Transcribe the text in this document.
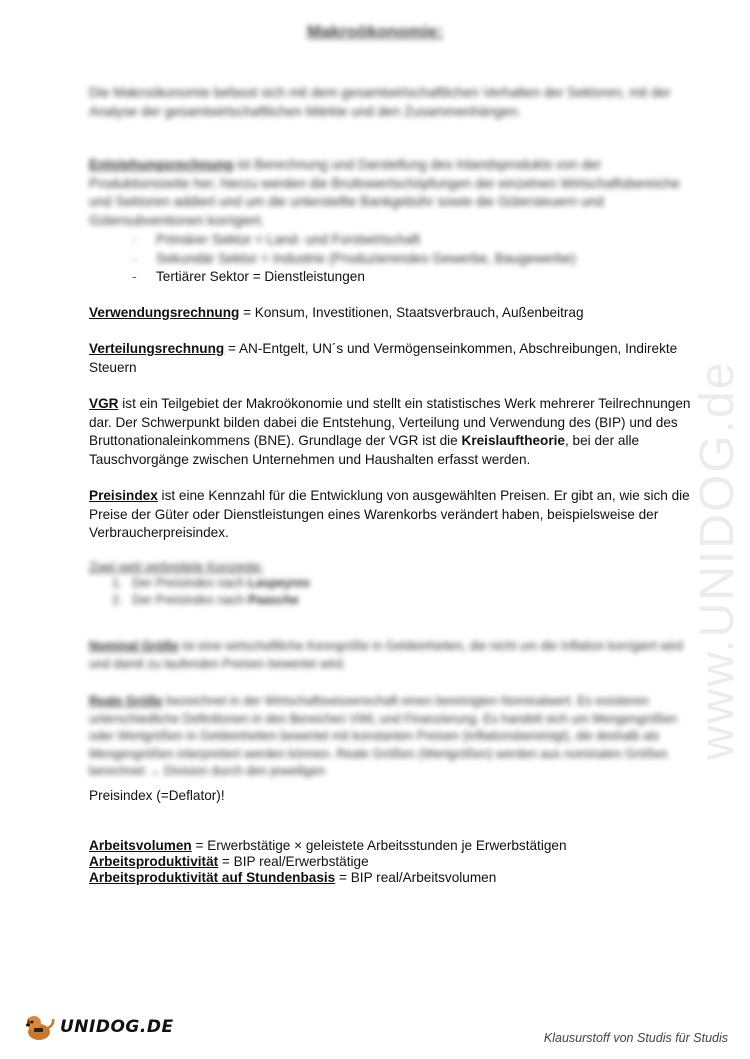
www.UNIDOG.de
Makroökonomie:
Die Makroökonomie befasst sich mit dem gesamtwirtschaftlichen Verhalten der Sektoren, mit der Analyse der gesamtwirtschaftlichen Märkte und den Zusammenhängen.

Entstehungsrechnung ist Berechnung und Darstellung des Inlandsprodukts von der Produktionsseite her; hierzu werden die Bruttowertschöpfungen der einzelnen Wirtschaftsbereiche und Sektoren addiert und um die unterstellte Bankgebühr sowie die Gütersteuern und Gütersubventionen korrigiert.

-	Primärer Sektor = Land- und Forstwirtschaft
-	Sekundär Sektor = Industrie (Produzierendes Gewerbe, Baugewerbe)
-	Tertiärer Sektor = Dienstleistungen

Verwendungsrechnung = Konsum, Investitionen, Staatsverbrauch, Außenbeitrag

Verteilungsrechnung = AN-Entgelt, UN´s und Vermögenseinkommen, Abschreibungen, Indirekte Steuern

VGR ist ein Teilgebiet der Makroökonomie und stellt ein statistisches Werk mehrerer Teilrechnungen dar. Der Schwerpunkt bilden dabei die Entstehung, Verteilung und Verwendung des (BIP) und des Bruttonationaleinkommens (BNE). Grundlage der VGR ist die Kreislauftheorie, bei der alle Tauschvorgänge zwischen Unternehmen und Haushalten erfasst werden.

Preisindex ist eine Kennzahl für die Entwicklung von ausgewählten Preisen. Er gibt an, wie sich die Preise der Güter oder Dienstleistungen eines Warenkorbs verändert haben, beispielsweise der Verbraucherpreisindex.

Zwei weit verbreitete Konzepte:
1. Der Preisindex nach Laspeyres
2. Der Preisindex nach Paasche

Nominal Größe ist eine wirtschaftliche Kenngröße in Geldeinheiten, die nicht um die Inflation korrigiert wird und damit zu laufenden Preisen bewertet wird.

Reale Größe bezeichnet in der Wirtschaftswissenschaft einen bereinigten Nominalwert. Es existieren unterschiedliche Definitionen in den Bereichen VWL und Finanzierung. Es handelt sich um Mengengrößen oder Wertgrößen in Geldeinheiten bewertet mit konstanten Preisen (Inflationsbereinigt), die deshalb als Mengengrößen interpretiert werden können. Reale Größen (Wertgrößen) werden aus nominalen Größen berechnet → Division durch den jeweiligen

Preisindex (=Deflator)!

Arbeitsvolumen = Erwerbstätige × geleistete Arbeitsstunden je Erwerbstätigen

Arbeitsproduktivität = BIP real/Erwerbstätige

Arbeitsproduktivität auf Stundenbasis = BIP real/Arbeitsvolumen

UNIDOG.DE
Klausurstoff von Studis für Studis
